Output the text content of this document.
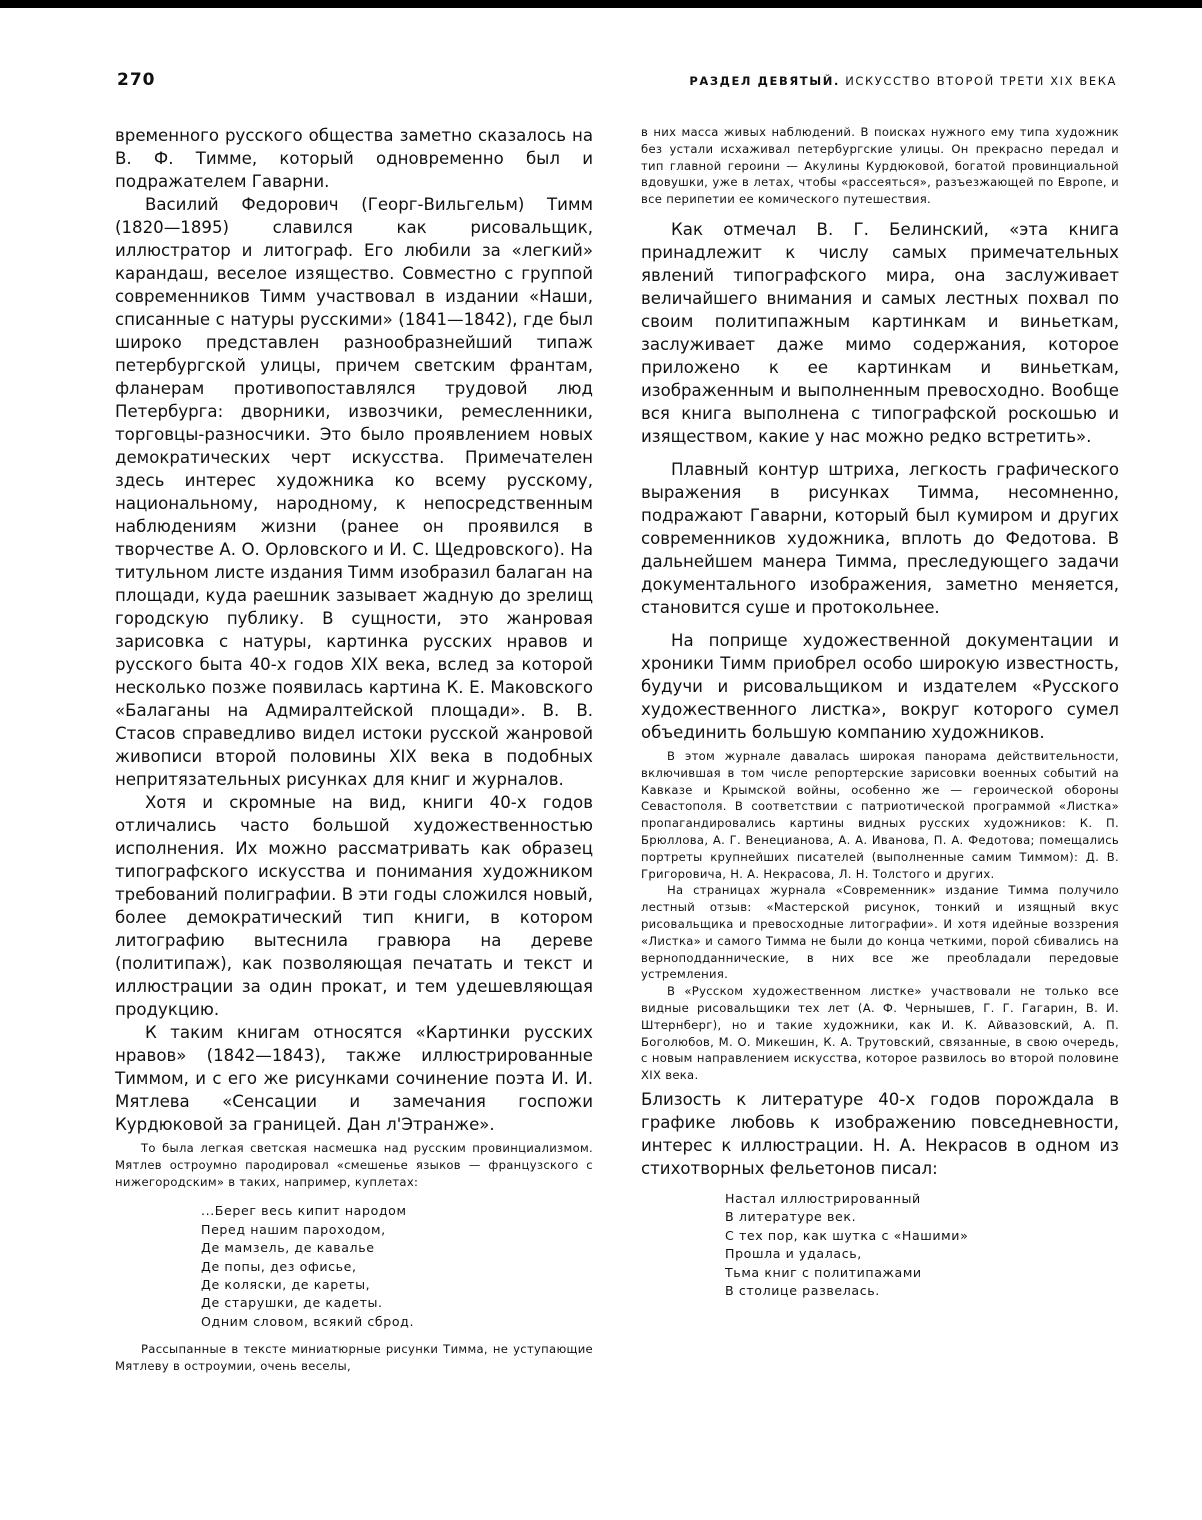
270	РАЗДЕЛ ДЕВЯТЫЙ. ИСКУССТВО ВТОРОЙ ТРЕТИ XIX ВЕКА

временного русского общества заметно сказалось на В. Ф. Тимме, который одновременно был и подражателем Гаварни.

Василий Федорович (Георг-Вильгельм) Тимм (1820—1895) славился как рисовальщик, иллюстратор и литограф. Его любили за «легкий» карандаш, веселое изящество. Совместно с группой современников Тимм участвовал в издании «Наши, списанные с натуры русскими» (1841—1842), где был широко представлен разнообразнейший типаж петербургской улицы, причем светским франтам, фланерам противопоставлялся трудовой люд Петербурга: дворники, извозчики, ремесленники, торговцы-разносчики. Это было проявлением новых демократических черт искусства. Примечателен здесь интерес художника ко всему русскому, национальному, народному, к непосредственным наблюдениям жизни (ранее он проявился в творчестве А. О. Орловского и И. С. Щедровского). На титульном листе издания Тимм изобразил балаган на площади, куда раешник зазывает жадную до зрелищ городскую публику. В сущности, это жанровая зарисовка с натуры, картинка русских нравов и русского быта 40-х годов XIX века, вслед за которой несколько позже появилась картина К. Е. Маковского «Балаганы на Адмиралтейской площади». В. В. Стасов справедливо видел истоки русской жанровой живописи второй половины XIX века в подобных непритязательных рисунках для книг и журналов.

Хотя и скромные на вид, книги 40-х годов отличались часто большой художественностью исполнения. Их можно рассматривать как образец типографского искусства и понимания художником требований полиграфии. В эти годы сложился новый, более демократический тип книги, в котором литографию вытеснила гравюра на дереве (политипаж), как позволяющая печатать и текст и иллюстрации за один прокат, и тем удешевляющая продукцию.

К таким книгам относятся «Картинки русских нравов» (1842—1843), также иллюстрированные Тиммом, и с его же рисунками сочинение поэта И. И. Мятлева «Сенсации и замечания госпожи Курдюковой за границей. Дан л'Этранже».

То была легкая светская насмешка над русским провинциализмом. Мятлев остроумно пародировал «смешенье языков — французского с нижегородским» в таких, например, куплетах:

...Берег весь кипит народом
Перед нашим пароходом,
Де мамзель, де кавалье
Де попы, дез офисье,
Де коляски, де кареты,
Де старушки, де кадеты.
Одним словом, всякий сброд.

Рассыпанные в тексте миниатюрные рисунки Тимма, не уступающие Мятлеву в остроумии, очень веселы,

в них масса живых наблюдений. В поисках нужного ему типа художник без устали исхаживал петербургские улицы. Он прекрасно передал и тип главной героини — Акулины Курдюковой, богатой провинциальной вдовушки, уже в летах, чтобы «рассеяться», разъезжающей по Европе, и все перипетии ее комического путешествия.

Как отмечал В. Г. Белинский, «эта книга принадлежит к числу самых примечательных явлений типографского мира, она заслуживает величайшего внимания и самых лестных похвал по своим политипажным картинкам и виньеткам, заслуживает даже мимо содержания, которое приложено к ее картинкам и виньеткам, изображенным и выполненным превосходно. Вообще вся книга выполнена с типографской роскошью и изяществом, какие у нас можно редко встретить».

Плавный контур штриха, легкость графического выражения в рисунках Тимма, несомненно, подражают Гаварни, который был кумиром и других современников художника, вплоть до Федотова. В дальнейшем манера Тимма, преследующего задачи документального изображения, заметно меняется, становится суше и протокольнее.

На поприще художественной документации и хроники Тимм приобрел особо широкую известность, будучи и рисовальщиком и издателем «Русского художественного листка», вокруг которого сумел объединить большую компанию художников.

В этом журнале давалась широкая панорама действительности, включившая в том числе репортерские зарисовки военных событий на Кавказе и Крымской войны, особенно же — героической обороны Севастополя. В соответствии с патриотической программой «Листка» пропагандировались картины видных русских художников: К. П. Брюллова, А. Г. Венецианова, А. А. Иванова, П. А. Федотова; помещались портреты крупнейших писателей (выполненные самим Тиммом): Д. В. Григоровича, Н. А. Некрасова, Л. Н. Толстого и других.

На страницах журнала «Современник» издание Тимма получило лестный отзыв: «Мастерской рисунок, тонкий и изящный вкус рисовальщика и превосходные литографии». И хотя идейные воззрения «Листка» и самого Тимма не были до конца четкими, порой сбивались на верноподданнические, в них все же преобладали передовые устремления.

В «Русском художественном листке» участвовали не только все видные рисовальщики тех лет (А. Ф. Чернышев, Г. Г. Гагарин, В. И. Штернберг), но и такие художники, как И. К. Айвазовский, А. П. Боголюбов, М. О. Микешин, К. А. Трутовский, связанные, в свою очередь, с новым направлением искусства, которое развилось во второй половине XIX века.

Близость к литературе 40-х годов порождала в графике любовь к изображению повседневности, интерес к иллюстрации. Н. А. Некрасов в одном из стихотворных фельетонов писал:

Настал иллюстрированный
В литературе век.
С тех пор, как шутка с «Нашими»
Прошла и удалась,
Тьма книг с политипажами
В столице развелась.
